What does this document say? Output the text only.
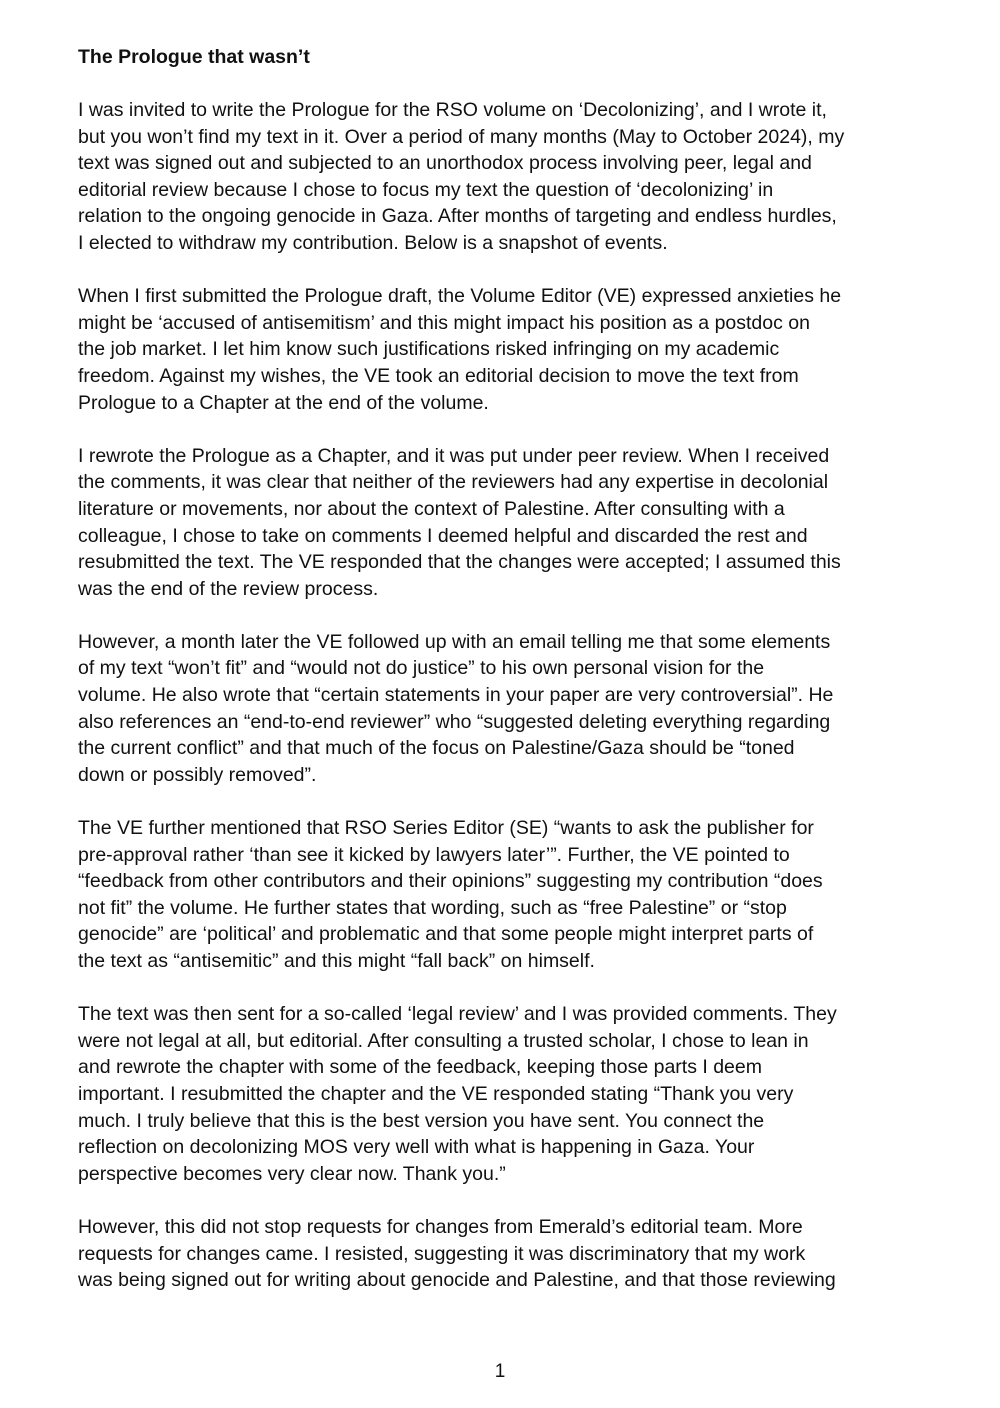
The Prologue that wasn’t
I was invited to write the Prologue for the RSO volume on ‘Decolonizing’, and I wrote it,
but you won’t find my text in it. Over a period of many months (May to October 2024), my
text was signed out and subjected to an unorthodox process involving peer, legal and
editorial review because I chose to focus my text the question of ‘decolonizing’ in
relation to the ongoing genocide in Gaza. After months of targeting and endless hurdles,
I elected to withdraw my contribution. Below is a snapshot of events.
When I first submitted the Prologue draft, the Volume Editor (VE) expressed anxieties he
might be ‘accused of antisemitism’ and this might impact his position as a postdoc on
the job market. I let him know such justifications risked infringing on my academic
freedom. Against my wishes, the VE took an editorial decision to move the text from
Prologue to a Chapter at the end of the volume.
I rewrote the Prologue as a Chapter, and it was put under peer review. When I received
the comments, it was clear that neither of the reviewers had any expertise in decolonial
literature or movements, nor about the context of Palestine. After consulting with a
colleague, I chose to take on comments I deemed helpful and discarded the rest and
resubmitted the text. The VE responded that the changes were accepted; I assumed this
was the end of the review process.
However, a month later the VE followed up with an email telling me that some elements
of my text “won’t fit” and “would not do justice” to his own personal vision for the
volume. He also wrote that “certain statements in your paper are very controversial”. He
also references an “end-to-end reviewer” who “suggested deleting everything regarding
the current conflict” and that much of the focus on Palestine/Gaza should be “toned
down or possibly removed”.
The VE further mentioned that RSO Series Editor (SE) “wants to ask the publisher for
pre-approval rather ‘than see it kicked by lawyers later’”. Further, the VE pointed to
“feedback from other contributors and their opinions” suggesting my contribution “does
not fit” the volume. He further states that wording, such as “free Palestine” or “stop
genocide” are ‘political’ and problematic and that some people might interpret parts of
the text as “antisemitic” and this might “fall back” on himself.
The text was then sent for a so-called ‘legal review’ and I was provided comments. They
were not legal at all, but editorial. After consulting a trusted scholar, I chose to lean in
and rewrote the chapter with some of the feedback, keeping those parts I deem
important. I resubmitted the chapter and the VE responded stating “Thank you very
much. I truly believe that this is the best version you have sent. You connect the
reflection on decolonizing MOS very well with what is happening in Gaza. Your
perspective becomes very clear now. Thank you.”
However, this did not stop requests for changes from Emerald’s editorial team. More
requests for changes came. I resisted, suggesting it was discriminatory that my work
was being signed out for writing about genocide and Palestine, and that those reviewing
1
